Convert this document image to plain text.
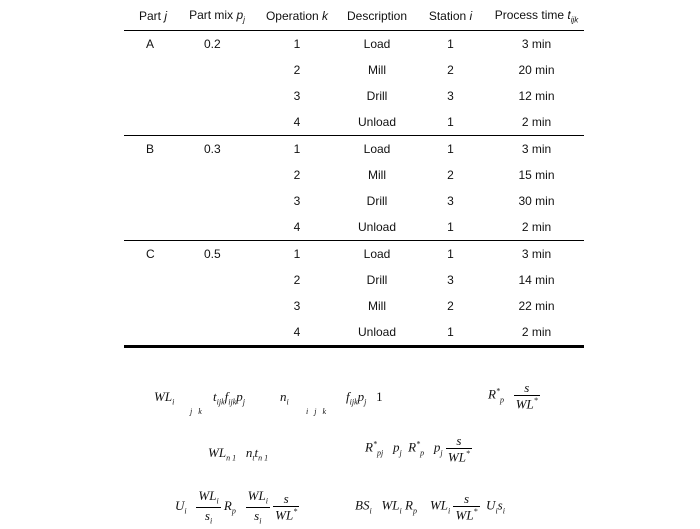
Part j	Part mix $p_j$	Operation k	Description	Station i	Process time $t_{ijk}$
A	0.2	1	Load	1	3 min
		2	Mill	2	20 min
		3	Drill	3	12 min
		4	Unload	1	2 min
B	0.3	1	Load	1	3 min
		2	Mill	2	15 min
		3	Drill	3	30 min
		4	Unload	1	2 min
C	0.5	1	Load	1	3 min
		2	Drill	3	14 min
		3	Mill	2	22 min
		4	Unload	1	2 min
$WL_i$	$t_{ijk}f_{ijk}p_j$
j   k
$n_i$
i   j   k
$f_{ijk}p_j$ 1	$R^*_p \frac{s}{WL^*}$
$WL_{n 1}$ $n_tt_{n 1}$
$R^*_{pj}$ $p_j$ $R^*_p$ $p_j \frac{s}{WL^*}$
$U_i \frac{WL_i}{s_i} R_p \frac{WL_i}{s_i}$
$\frac{s}{WL^*}$	$BS_i$ $WL_i$ $R_p$ $WL_i \frac{s}{WL^*} U_is_i$
